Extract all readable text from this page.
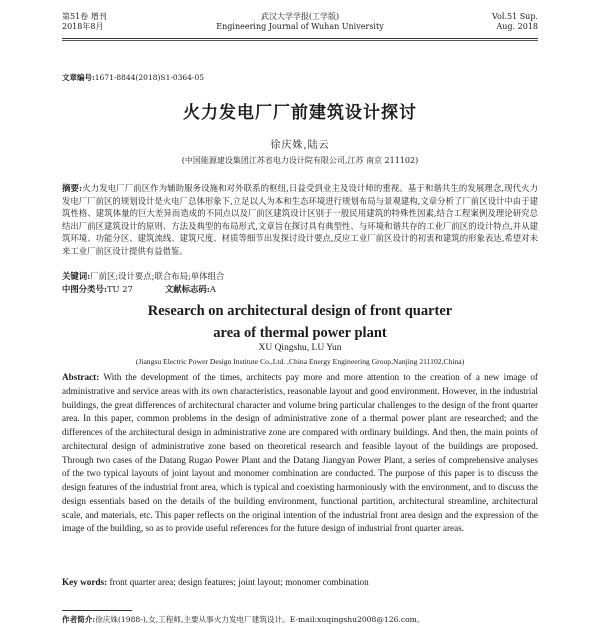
第51卷 增刊
2018年8月
武汉大学学报(工学版)
Engineering Journal of Wuhan University
Vol.51 Sup.
Aug. 2018
文章编号:1671-8844(2018)S1-0364-05
火力发电厂厂前建筑设计探讨
徐庆姝,陆云
(中国能源建设集团江苏省电力设计院有限公司,江苏 南京 211102)
摘要:火力发电厂厂前区作为辅助服务设施和对外联系的枢纽,日益受到业主及设计师的重视。基于和谐共生的发展理念,现代火力发电厂厂前区的规划设计是火电厂总体形象下,立足以人为本和生态环境进行规划布局与景观建构,文章分析了厂前区设计中由于建筑性格、建筑体量的巨大差异而造成的不同点以及厂前区建筑设计区别于一般民用建筑的特殊性因素,结合工程案例及理论研究总结出厂前区建筑设计的原则、方法及典型的布局形式,文章旨在探讨具有典型性、与环境和谐共存的工业厂前区的设计特点,并从建筑环境、功能分区、建筑流线、建筑尺度、材质等细节出发探讨设计要点,反应工业厂前区设计的初衷和建筑的形象表达,希望对未来工业厂前区设计提供有益借鉴。
关键词:厂前区;设计要点;联合布局;单体组合
中图分类号:TU 27	文献标志码:A
Research on architectural design of front quarter
area of thermal power plant
XU Qingshu, LU Yun
(Jiangsu Electric Power Design Institute Co.,Ltd. ,China Energy Engineering Group,Nanjing 211102,China)
Abstract: With the development of the times, architects pay more and more attention to the creation of a new image of administrative and service areas with its own characteristics, reasonable layout and good environment. However, in the industrial buildings, the great differences of architectural character and volume bring particular challenges to the design of the front quarter area. In this paper, common problems in the design of administrative zone of a thermal power plant are researched; and the differences of the architectural design in administrative zone are compared with ordinary buildings. And then, the main points of architectural design of administrative zone based on theoretical research and feasible layout of the buildings are proposed. Through two cases of the Datang Rugao Power Plant and the Datang Jiangyan Power Plant, a series of comprehensive analyses of the two typical layouts of joint layout and monomer combination are conducted. The purpose of this paper is to discuss the design features of the industrial front area, which is typical and coexisting harmoniously with the environment, and to discuss the design essentials based on the details of the building environment, functional partition, architectural streamline, architectural scale, and materials, etc. This paper reflects on the original intention of the industrial front area design and the expression of the image of the building, so as to provide useful references for the future design of industrial front quarter areas.
Key words: front quarter area; design features; joint layout; monomer combination
作者简介:徐庆姝(1988-),女,工程师,主要从事火力发电厂建筑设计。E-mail:xuqingshu2008@126.com。
